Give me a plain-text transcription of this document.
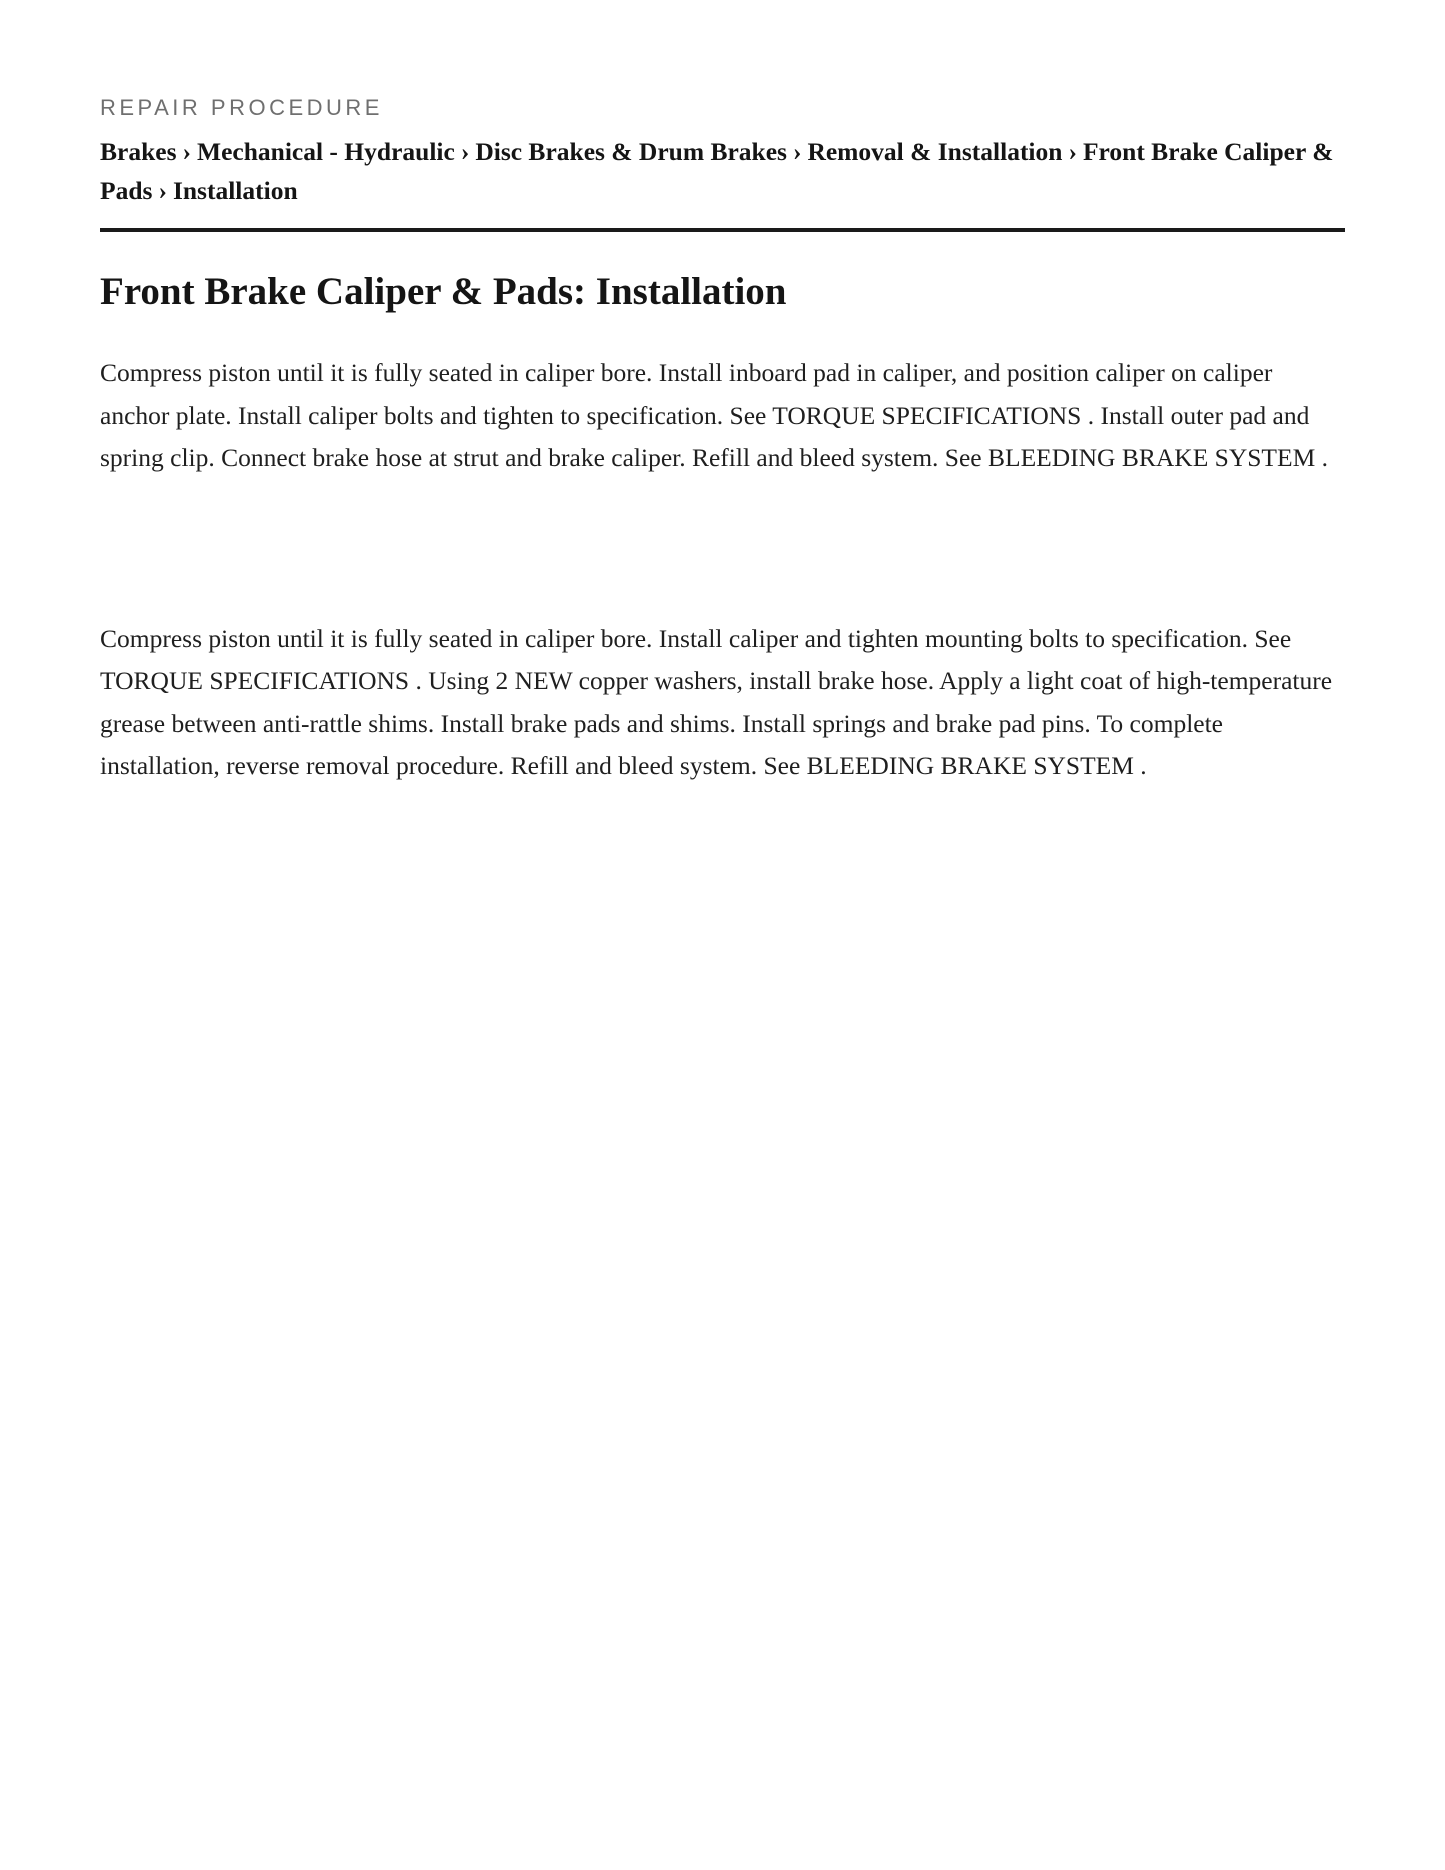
REPAIR PROCEDURE

Brakes › Mechanical - Hydraulic › Disc Brakes & Drum Brakes › Removal & Installation › Front Brake Caliper & Pads › Installation
Front Brake Caliper & Pads: Installation

Compress piston until it is fully seated in caliper bore. Install inboard pad in caliper, and position caliper on caliper anchor plate. Install caliper bolts and tighten to specification. See TORQUE SPECIFICATIONS . Install outer pad and spring clip. Connect brake hose at strut and brake caliper. Refill and bleed system. See BLEEDING BRAKE SYSTEM .

Compress piston until it is fully seated in caliper bore. Install caliper and tighten mounting bolts to specification. See TORQUE SPECIFICATIONS . Using 2 NEW copper washers, install brake hose. Apply a light coat of high-temperature grease between anti-rattle shims. Install brake pads and shims. Install springs and brake pad pins. To complete installation, reverse removal procedure. Refill and bleed system. See BLEEDING BRAKE SYSTEM .
